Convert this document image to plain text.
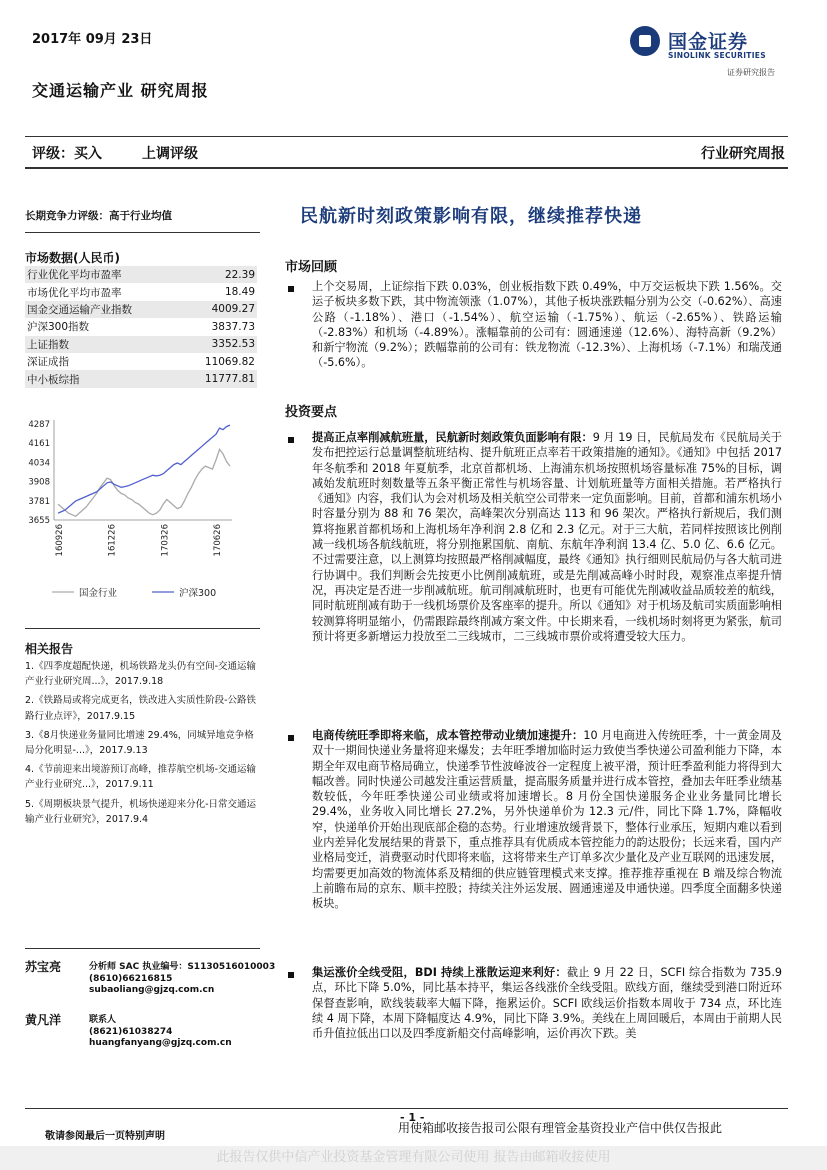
2017年 09月 23日	国金证券
SINOLINK SECURITIES
证券研究报告
交通运输产业 研究周报
评级：买入	上调评级	行业研究周报
长期竞争力评级：高于行业均值
市场数据(人民币)
行业优化平均市盈率	22.39
市场优化平均市盈率	18.49
国金交通运输产业指数	4009.27
沪深300指数	3837.73
上证指数	3352.53
深证成指	11069.82
中小板综指	11777.81
4287
4161
4034
3908
3781
3655
160926	161226	170326	170626
国金行业	沪深300
相关报告
1.《四季度超配快递，机场铁路龙头仍有空间-交通运输产业行业研究周...》，2017.9.18
2.《铁路局或将完成更名，铁改进入实质性阶段-公路铁路行业点评》，2017.9.15
3.《8月快递业务量同比增速 29.4%，同城异地竞争格局分化明显-...》，2017.9.13
4.《节前迎来出境游预订高峰，推荐航空机场-交通运输产业行业研究...》，2017.9.11
5.《周期板块景气提升，机场快递迎来分化-日常交通运输产业行业研究》，2017.9.4
苏宝亮	分析师 SAC 执业编号：S1130516010003
(8610)66216815
subaoliang@gjzq.com.cn
黄凡洋	联系人
(8621)61038274
huangfanyang@gjzq.com.cn
民航新时刻政策影响有限，继续推荐快递
市场回顾
上个交易周，上证综指下跌 0.03%，创业板指数下跌 0.49%，中万交运板块下跌 1.56%。交运子板块多数下跌，其中物流领涨（1.07%），其他子板块涨跌幅分别为公交（-0.62%）、高速公路（-1.18%）、港口（-1.54%）、航空运输（-1.75%）、航运（-2.65%）、铁路运输（-2.83%）和机场（-4.89%）。涨幅靠前的公司有：圆通速递（12.6%）、海特高新（9.2%）和新宁物流（9.2%）；跌幅靠前的公司有：铁龙物流（-12.3%）、上海机场（-7.1%）和瑞茂通（-5.6%）。
投资要点
提高正点率削减航班量，民航新时刻政策负面影响有限：9 月 19 日，民航局发布《民航局关于发布把控运行总量调整航班结构、提升航班正点率若干政策措施的通知》。《通知》中包括 2017 年冬航季和 2018 年夏航季，北京首都机场、上海浦东机场按照机场容量标准 75%的目标，调减始发航班时刻数量等五条平衡正常性与机场容量、计划航班量等方面相关措施。若严格执行《通知》内容，我们认为会对机场及相关航空公司带来一定负面影响。目前，首都和浦东机场小时容量分别为 88 和 76 架次，高峰架次分别高达 113 和 96 架次。严格执行新规后，我们测算将拖累首都机场和上海机场年净利润 2.8 亿和 2.3 亿元。对于三大航，若同样按照该比例削减一线机场各航线航班，将分别拖累国航、南航、东航年净利润 13.4 亿、5.0 亿、6.6 亿元。不过需要注意，以上测算均按照最严格削减幅度，最终《通知》执行细则民航局仍与各大航司进行协调中。我们判断会先按更小比例削减航班，或是先削减高峰小时时段，观察准点率提升情况，再决定是否进一步削减航班。航司削减航班时，也更有可能优先削减收益品质较差的航线，同时航班削减有助于一线机场票价及客座率的提升。所以《通知》对于机场及航司实质面影响相较测算将明显缩小，仍需跟踪最终削减方案文件。中长期来看，一线机场时刻将更为紧张，航司预计将更多新增运力投放至二三线城市，二三线城市票价或将遭受较大压力。
电商传统旺季即将来临，成本管控带动业绩加速提升：10 月电商进入传统旺季，十一黄金周及双十一期间快递业务量将迎来爆发；去年旺季增加临时运力致使当季快递公司盈利能力下降，本期全年双电商节格局确立，快递季节性波峰波谷一定程度上被平滑，预计旺季盈利能力将得到大幅改善。同时快递公司越发注重运营质量，提高服务质量并进行成本管控，叠加去年旺季业绩基数较低，今年旺季快递公司业绩或将加速增长。8 月份全国快递服务企业业务量同比增长 29.4%，业务收入同比增长 27.2%，另外快递单价为 12.3 元/件，同比下降 1.7%，降幅收窄，快递单价开始出现底部企稳的态势。行业增速放缓背景下，整体行业承压，短期内难以看到业内差异化发展结果的背景下，重点推荐具有优质成本管控能力的韵达股份；长远来看，国内产业格局变迁，消费驱动时代即将来临，这将带来生产订单多次少量化及产业互联网的迅速发展，均需要更加高效的物流体系及精细的供应链管理模式来支撑。推荐推荐重视在 B 端及综合物流上前瞻布局的京东、顺丰控股；持续关注外运发展、圆通速递及申通快递。四季度全面翻多快递板块。
集运涨价全线受阻，BDI 持续上涨散运迎来利好：截止 9 月 22 日，SCFI 综合指数为 735.9 点，环比下降 5.0%，同比基本持平，集运各线涨价全线受阻。欧线方面，继续受到港口附近环保督查影响，欧线装载率大幅下降，拖累运价。SCFI 欧线运价指数本周收于 734 点，环比连续 4 周下降，本周下降幅度达 4.9%，同比下降 3.9%。美线在上周回暖后，本周由于前期人民币升值拉低出口以及四季度新船交付高峰影响，运价再次下跌。美
- 1 -
敬请参阅最后一页特别声明
用使箱邮收接告报司公限有理管金基资投业产信中供仅告报此
此报告仅供中信产业投资基金管理有限公司使用 报告由邮箱收接使用
